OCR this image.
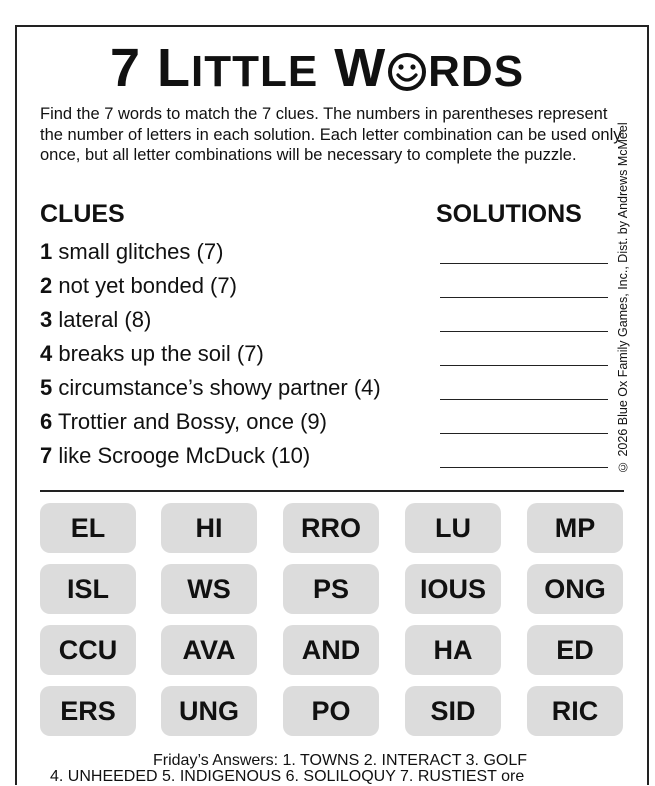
7 LITTLE W RDS
Find the 7 words to match the 7 clues. The numbers in parentheses represent the number of letters in each solution. Each letter combination can be used only once, but all letter combinations will be necessary to complete the puzzle.
CLUES	SOLUTIONS
1 small glitches (7)
2 not yet bonded (7)
3 lateral (8)
4 breaks up the soil (7)
5 circumstance’s showy partner (4)
6 Trottier and Bossy, once (9)
7 like Scrooge McDuck (10)	© 2026 Blue Ox Family Games, Inc., Dist. by Andrews McMeel
EL	HI	RRO	LU	MP
ISL	WS	PS	IOUS	ONG
CCU	AVA	AND	HA	ED
ERS	UNG	PO	SID	RIC
Friday’s Answers: 1. TOWNS 2. INTERACT 3. GOLF
4. UNHEEDED 5. INDIGENOUS 6. SOLILOQUY 7. RUSTIEST ore
